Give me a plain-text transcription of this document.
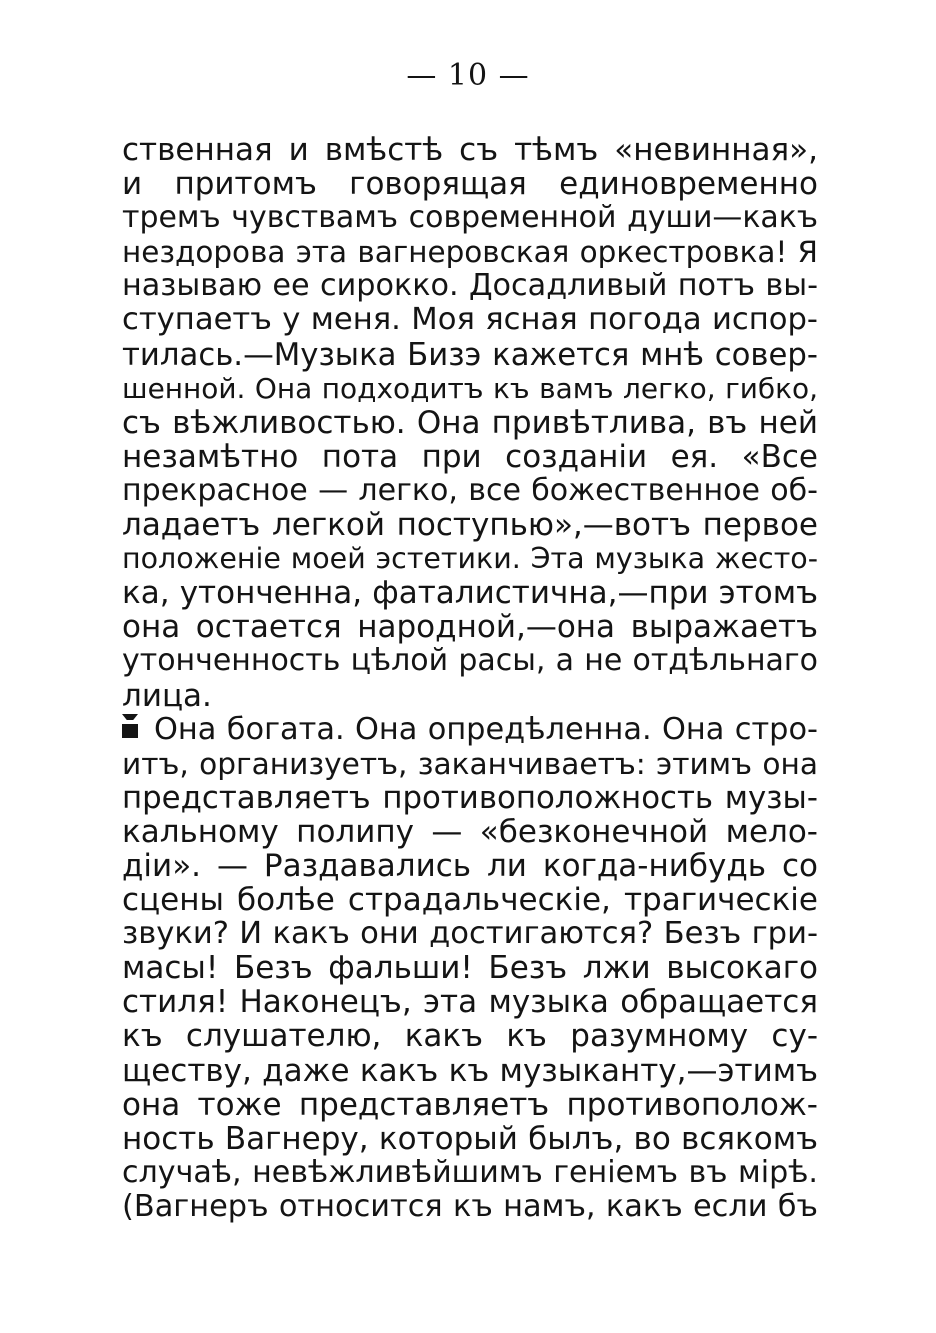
— 10 —
ственная и вмѣстѣ съ тѣмъ «невинная»,
и притомъ говорящая единовременно
тремъ чувствамъ современной души—какъ
нездорова эта вагнеровская оркестровка! Я
называю ее сирокко. Досадливый потъ вы-
ступаетъ у меня. Моя ясная погода испор-
тилась.—Музыка Бизэ кажется мнѣ совер-
шенной. Она подходитъ къ вамъ легко, гибко,
съ вѣжливостью. Она привѣтлива, въ ней
незамѣтно пота при созданiи ея. «Все
прекрасное — легко, все божественное об-
ладаетъ легкой поступью»,—вотъ первое
положенiе моей эстетики. Эта музыка жесто-
ка, утонченна, фаталистична,—при этомъ
она остается народной,—она выражаетъ
утонченность цѣлой расы, а не отдѣльнаго
лица.
Она богата. Она опредѣленна. Она стро-
итъ, организуетъ, заканчиваетъ: этимъ она
представляетъ противоположность музы-
кальному полипу — «безконечной мело-
дiи». — Раздавались ли когда-нибудь со
сцены болѣе страдальческiе, трагическiе
звуки? И какъ они достигаются? Безъ гри-
масы! Безъ фальши! Безъ лжи высокаго
стиля! Наконецъ, эта музыка обращается
къ слушателю, какъ къ разумному су-
ществу, даже какъ къ музыканту,—этимъ
она тоже представляетъ противополож-
ность Вагнеру, который былъ, во всякомъ
случаѣ, невѣжливѣйшимъ генiемъ въ мiрѣ.
(Вагнеръ относится къ намъ, какъ если бъ
